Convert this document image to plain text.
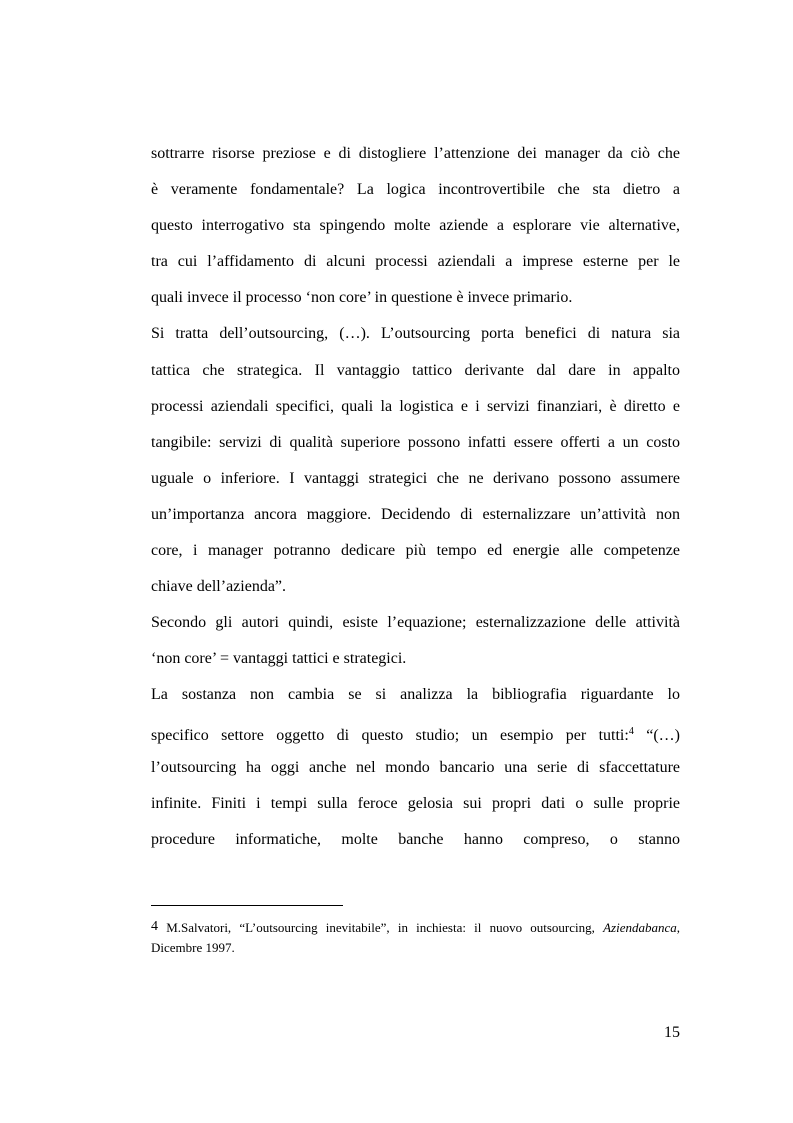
sottrarre risorse preziose e di distogliere l’attenzione dei manager da ciò che
è veramente fondamentale? La logica incontrovertibile che sta dietro a
questo interrogativo sta spingendo molte aziende a esplorare vie alternative,
tra cui l’affidamento di alcuni processi aziendali a imprese esterne per le
quali invece il processo ‘non core’ in questione è invece primario.
Si tratta dell’outsourcing, (…). L’outsourcing porta benefici di natura sia
tattica che strategica. Il vantaggio tattico derivante dal dare in appalto
processi aziendali specifici, quali la logistica e i servizi finanziari, è diretto e
tangibile: servizi di qualità superiore possono infatti essere offerti a un costo
uguale o inferiore. I vantaggi strategici che ne derivano possono assumere
un’importanza ancora maggiore. Decidendo di esternalizzare un’attività non
core, i manager potranno dedicare più tempo ed energie alle competenze
chiave dell’azienda”.
Secondo gli autori quindi, esiste l’equazione; esternalizzazione delle attività
‘non core’ = vantaggi tattici e strategici.
La sostanza non cambia se si analizza la bibliografia riguardante lo
specifico settore oggetto di questo studio; un esempio per tutti:$^4$ “(…)
l’outsourcing ha oggi anche nel mondo bancario una serie di sfaccettature
infinite. Finiti i tempi sulla feroce gelosia sui propri dati o sulle proprie
procedure informatiche, molte banche hanno compreso, o stanno
4 M.Salvatori, “L’outsourcing inevitabile”, in inchiesta: il nuovo outsourcing, Aziendabanca,
Dicembre 1997.
15
